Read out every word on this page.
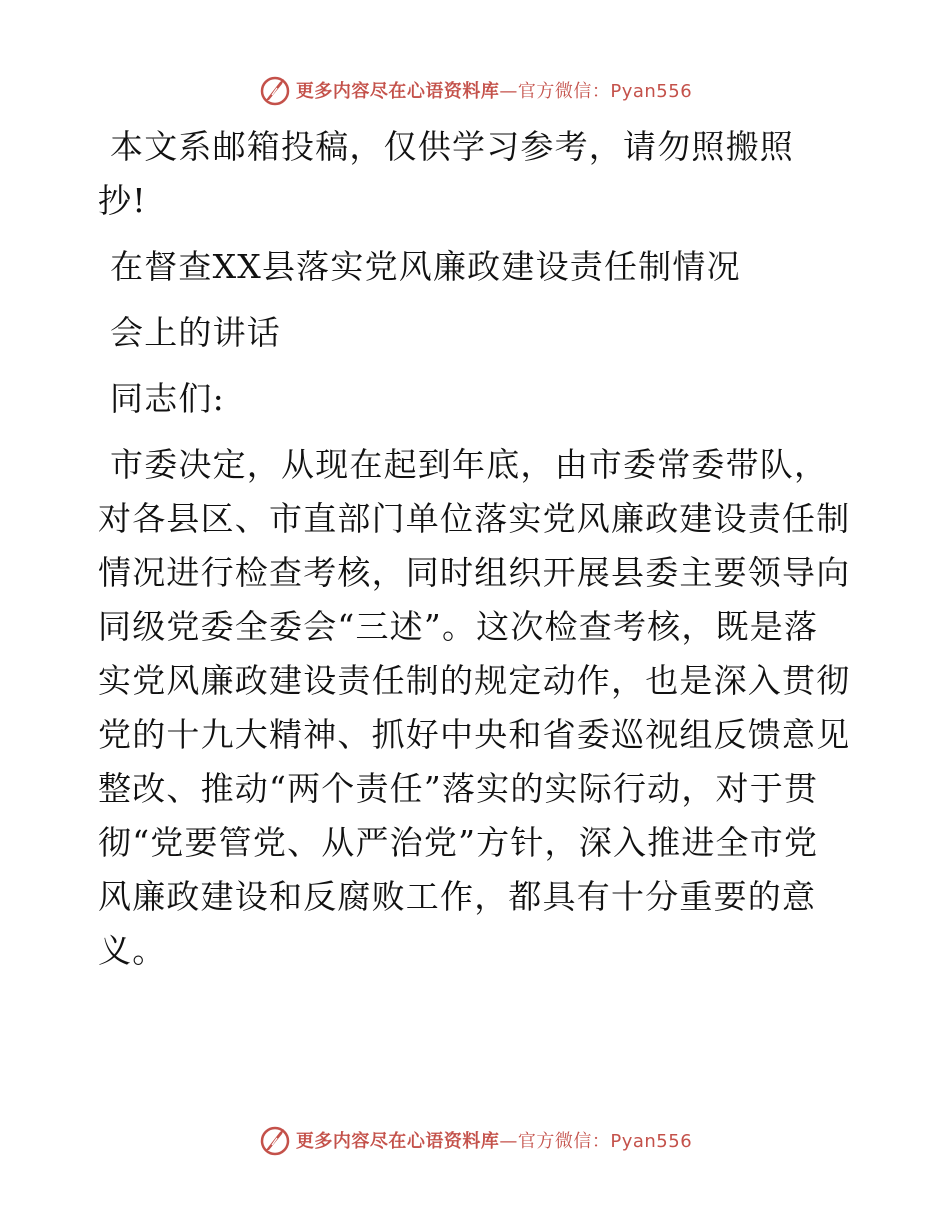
更多内容尽在心语资料库—官方微信：Pyan556
本文系邮箱投稿，仅供学习参考，请勿照搬照
抄!
在督查XX县落实党风廉政建设责任制情况
会上的讲话
同志们:
市委决定，从现在起到年底，由市委常委带队，
对各县区、市直部门单位落实党风廉政建设责任制
情况进行检查考核，同时组织开展县委主要领导向
同级党委全委会“三述”。这次检查考核，既是落
实党风廉政建设责任制的规定动作，也是深入贯彻
党的十九大精神、抓好中央和省委巡视组反馈意见
整改、推动“两个责任”落实的实际行动，对于贯
彻“党要管党、从严治党”方针，深入推进全市党
风廉政建设和反腐败工作，都具有十分重要的意
义。
更多内容尽在心语资料库—官方微信：Pyan556
